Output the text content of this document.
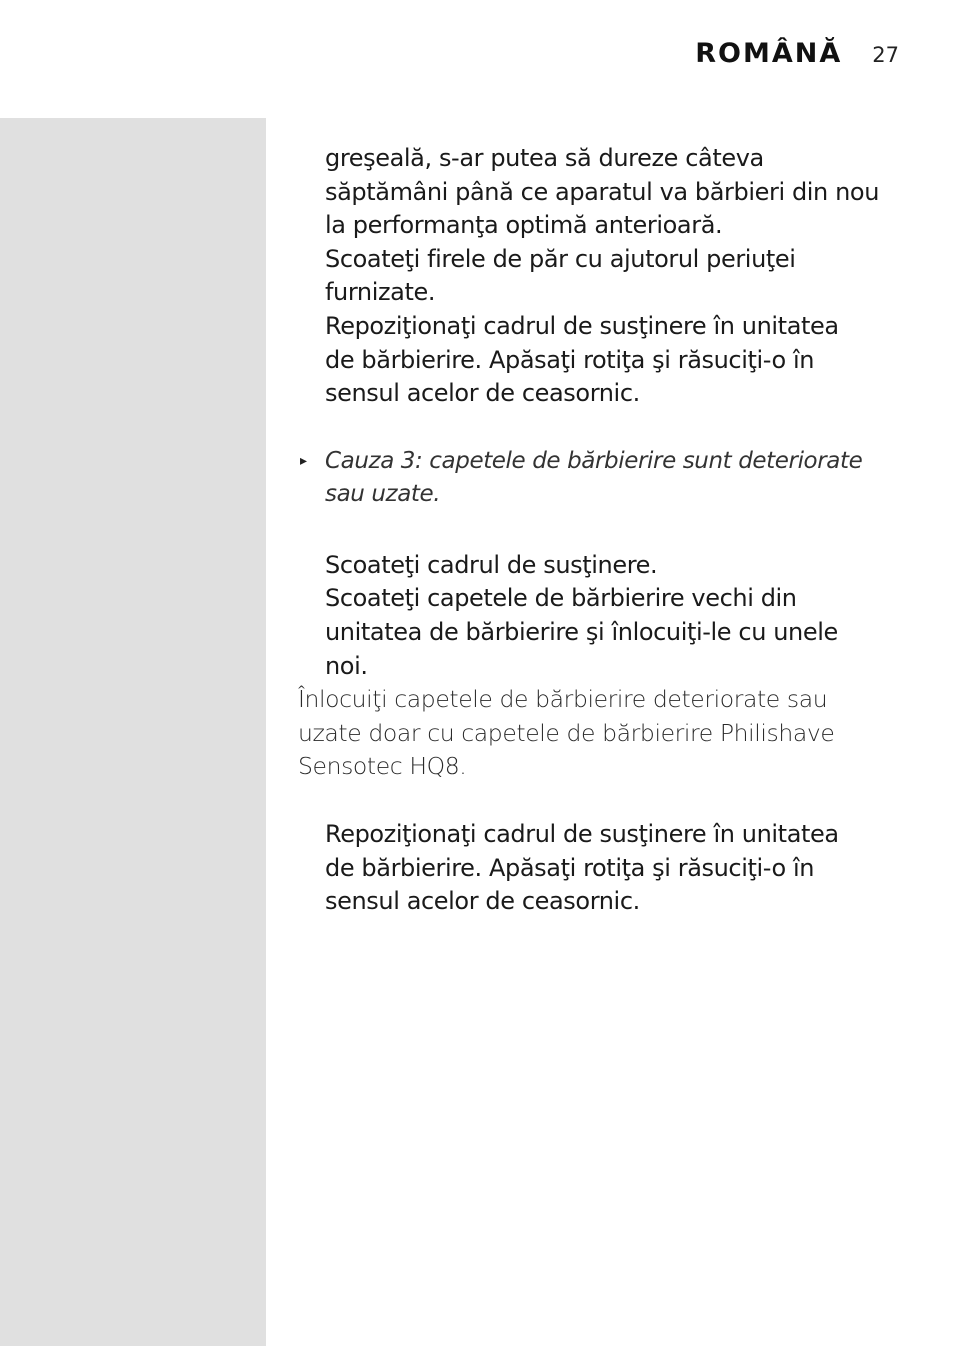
ROMÂNĂ 27

greşeală, s-ar putea să dureze câteva
săptămâni până ce aparatul va bărbieri din nou
la performanţa optimă anterioară.

Scoateţi firele de păr cu ajutorul periuţei
furnizate.

Repoziţionaţi cadrul de susţinere în unitatea
de bărbierire. Apăsaţi rotiţa şi răsuciţi-o în
sensul acelor de ceasornic.

▸ Cauza 3: capetele de bărbierire sunt deteriorate
sau uzate.

Scoateţi cadrul de susţinere.

Scoateţi capetele de bărbierire vechi din
unitatea de bărbierire şi înlocuiţi-le cu unele
noi.

Înlocuiţi capetele de bărbierire deteriorate sau
uzate doar cu capetele de bărbierire Philishave
Sensotec HQ8.

Repoziţionaţi cadrul de susţinere în unitatea
de bărbierire. Apăsaţi rotiţa şi răsuciţi-o în
sensul acelor de ceasornic.
